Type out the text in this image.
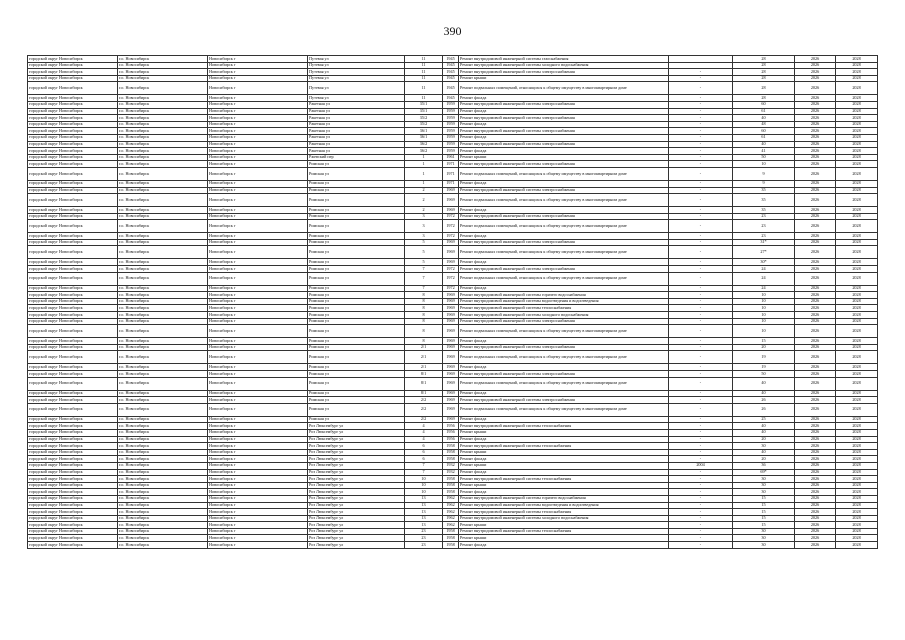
390
городской округ Новосибирск	г.о. Новосибирск	Новосибирск г	Путевая ул	11	1945	Ремонт внутридомовой инженерной системы газоснабжения		28	2026	2028
городской округ Новосибирск	г.о. Новосибирск	Новосибирск г	Путевая ул	11	1945	Ремонт внутридомовой инженерной системы холодного водоснабжения		28	2026	2028
городской округ Новосибирск	г.о. Новосибирск	Новосибирск г	Путевая ул	11	1945	Ремонт внутридомовой инженерной системы электроснабжения	-	28	2026	2028
городской округ Новосибирск	г.о. Новосибирск	Новосибирск г	Путевая ул	11	1945	Ремонт крыши	-	28	2026	2028
городской округ Новосибирск	г.о. Новосибирск	Новосибирск г	Путевая ул	11	1945	Ремонт подвальных помещений, относящихся к общему имуществу в многоквартирном доме	-	28	2026	2028
городской округ Новосибирск	г.о. Новосибирск	Новосибирск г	Путевая ул	11	1945	Ремонт фасада	-	28	2026	2028
городской округ Новосибирск	г.о. Новосибирск	Новосибирск г	Ракетная ул	35/1	1959	Ремонт внутридомовой инженерной системы электроснабжения	-	60	2026	2028
городской округ Новосибирск	г.о. Новосибирск	Новосибирск г	Ракетная ул	35/1	1959	Ремонт фасада	-	61	2026	2028
городской округ Новосибирск	г.о. Новосибирск	Новосибирск г	Ракетная ул	35/2	1959	Ремонт внутридомовой инженерной системы электроснабжения	-	40	2026	2028
городской округ Новосибирск	г.о. Новосибирск	Новосибирск г	Ракетная ул	35/2	1959	Ремонт фасада	-	48	2026	2028
городской округ Новосибирск	г.о. Новосибирск	Новосибирск г	Ракетная ул	36/1	1959	Ремонт внутридомовой инженерной системы электроснабжения	-	60	2026	2028
городской округ Новосибирск	г.о. Новосибирск	Новосибирск г	Ракетная ул	36/1	1959	Ремонт фасада	-	61	2026	2028
городской округ Новосибирск	г.о. Новосибирск	Новосибирск г	Ракетная ул	36/2	1959	Ремонт внутридомовой инженерной системы электроснабжения	-	40	2026	2028
городской округ Новосибирск	г.о. Новосибирск	Новосибирск г	Ракетная ул	36/2	1959	Ремонт фасада	-	41	2026	2028
городской округ Новосибирск	г.о. Новосибирск	Новосибирск г	Ржевский пер	1	1961	Ремонт крыши	-	50	2026	2028
городской округ Новосибирск	г.о. Новосибирск	Новосибирск г	Римская ул	1	1971	Ремонт внутридомовой инженерной системы электроснабжения	-	10	2026	2028
городской округ Новосибирск	г.о. Новосибирск	Новосибирск г	Римская ул	1	1971	Ремонт подвальных помещений, относящихся к общему имуществу в многоквартирном доме	-	9	2026	2028
городской округ Новосибирск	г.о. Новосибирск	Новосибирск г	Римская ул	1	1971	Ремонт фасада	-	9	2026	2028
городской округ Новосибирск	г.о. Новосибирск	Новосибирск г	Римская ул	2	1969	Ремонт внутридомовой инженерной системы электроснабжения	-	35	2026	2028
городской округ Новосибирск	г.о. Новосибирск	Новосибирск г	Римская ул	2	1969	Ремонт подвальных помещений, относящихся к общему имуществу в многоквартирном доме	-	35	2026	2028
городской округ Новосибирск	г.о. Новосибирск	Новосибирск г	Римская ул	2	1969	Ремонт фасада	-	35	2026	2028
городской округ Новосибирск	г.о. Новосибирск	Новосибирск г	Римская ул	3	1972	Ремонт внутридомовой инженерной системы электроснабжения	-	23	2026	2028
городской округ Новосибирск	г.о. Новосибирск	Новосибирск г	Римская ул	3	1972	Ремонт подвальных помещений, относящихся к общему имуществу в многоквартирном доме	-	23	2026	2028
городской округ Новосибирск	г.о. Новосибирск	Новосибирск г	Римская ул	3	1972	Ремонт фасада	-	23	2026	2028
городской округ Новосибирск	г.о. Новосибирск	Новосибирск г	Римская ул	5	1969	Ремонт внутридомовой инженерной системы электроснабжения	-	31*	2026	2028
городской округ Новосибирск	г.о. Новосибирск	Новосибирск г	Римская ул	5	1969	Ремонт подвальных помещений, относящихся к общему имуществу в многоквартирном доме	-	27*	2026	2028
городской округ Новосибирск	г.о. Новосибирск	Новосибирск г	Римская ул	5	1969	Ремонт фасада	-	30*	2026	2028
городской округ Новосибирск	г.о. Новосибирск	Новосибирск г	Римская ул	7	1972	Ремонт внутридомовой инженерной системы электроснабжения	-	24	2026	2028
городской округ Новосибирск	г.о. Новосибирск	Новосибирск г	Римская ул	7	1972	Ремонт подвальных помещений, относящихся к общему имуществу в многоквартирном доме	-	24	2026	2028
городской округ Новосибирск	г.о. Новосибирск	Новосибирск г	Римская ул	7	1972	Ремонт фасада	-	24	2026	2028
городской округ Новосибирск	г.о. Новосибирск	Новосибирск г	Римская ул	8	1969	Ремонт внутридомовой инженерной системы горячего водоснабжения	-	10	2026	2028
городской округ Новосибирск	г.о. Новосибирск	Новосибирск г	Римская ул	8	1969	Ремонт внутридомовой инженерной системы водоотведения и водоотведения	-	10	2026	2028
городской округ Новосибирск	г.о. Новосибирск	Новосибирск г	Римская ул	8	1969	Ремонт внутридомовой инженерной системы теплоснабжения	-	10	2026	2028
городской округ Новосибирск	г.о. Новосибирск	Новосибирск г	Римская ул	8	1969	Ремонт внутридомовой инженерной системы холодного водоснабжения	-	10	2026	2028
городской округ Новосибирск	г.о. Новосибирск	Новосибирск г	Римская ул	8	1969	Ремонт внутридомовой инженерной системы электроснабжения	-	10	2026	2028
городской округ Новосибирск	г.о. Новосибирск	Новосибирск г	Римская ул	8	1969	Ремонт подвальных помещений, относящихся к общему имуществу в многоквартирном доме	-	10	2026	2028
городской округ Новосибирск	г.о. Новосибирск	Новосибирск г	Римская ул	8	1969	Ремонт фасада	-	15	2026	2028
городской округ Новосибирск	г.о. Новосибирск	Новосибирск г	Римская ул	2/1	1969	Ремонт внутридомовой инженерной системы электроснабжения	-	20	2026	2028
городской округ Новосибирск	г.о. Новосибирск	Новосибирск г	Римская ул	2/1	1969	Ремонт подвальных помещений, относящихся к общему имуществу в многоквартирном доме	-	19	2026	2028
городской округ Новосибирск	г.о. Новосибирск	Новосибирск г	Римская ул	2/1	1969	Ремонт фасада	-	19	2026	2028
городской округ Новосибирск	г.о. Новосибирск	Новосибирск г	Римская ул	8/1	1969	Ремонт внутридомовой инженерной системы электроснабжения	-	50	2026	2028
городской округ Новосибирск	г.о. Новосибирск	Новосибирск г	Римская ул	8/1	1969	Ремонт подвальных помещений, относящихся к общему имуществу в многоквартирном доме	-	40	2026	2028
городской округ Новосибирск	г.о. Новосибирск	Новосибирск г	Римская ул	8/1	1969	Ремонт фасада	-	40	2026	2028
городской округ Новосибирск	г.о. Новосибирск	Новосибирск г	Римская ул	2/2	1969	Ремонт внутридомовой инженерной системы электроснабжения	-	26	2026	2028
городской округ Новосибирск	г.о. Новосибирск	Новосибирск г	Римская ул	2/2	1969	Ремонт подвальных помещений, относящихся к общему имуществу в многоквартирном доме	-	26	2026	2028
городской округ Новосибирск	г.о. Новосибирск	Новосибирск г	Римская ул	2/2	1969	Ремонт фасада	-	25	2026	2028
городской округ Новосибирск	г.о. Новосибирск	Новосибирск г	Роз Люксембург ул	4	1956	Ремонт внутридомовой инженерной системы теплоснабжения	-	40	2026	2028
городской округ Новосибирск	г.о. Новосибирск	Новосибирск г	Роз Люксембург ул	4	1956	Ремонт крыши	-	40	2026	2028
городской округ Новосибирск	г.о. Новосибирск	Новосибирск г	Роз Люксембург ул	4	1956	Ремонт фасада	-	20	2026	2028
городской округ Новосибирск	г.о. Новосибирск	Новосибирск г	Роз Люксембург ул	6	1958	Ремонт внутридомовой инженерной системы теплоснабжения	-	30	2026	2028
городской округ Новосибирск	г.о. Новосибирск	Новосибирск г	Роз Люксембург ул	6	1958	Ремонт крыши	-	40	2026	2028
городской округ Новосибирск	г.о. Новосибирск	Новосибирск г	Роз Люксембург ул	6	1958	Ремонт фасада	-	20	2026	2028
городской округ Новосибирск	г.о. Новосибирск	Новосибирск г	Роз Люксембург ул	7	1932	Ремонт крыши	2004	36	2026	2028
городской округ Новосибирск	г.о. Новосибирск	Новосибирск г	Роз Люксембург ул	7	1932	Ремонт фасада	-	69*	2026	2028
городской округ Новосибирск	г.о. Новосибирск	Новосибирск г	Роз Люксембург ул	10	1958	Ремонт внутридомовой инженерной системы теплоснабжения	-	30	2026	2028
городской округ Новосибирск	г.о. Новосибирск	Новосибирск г	Роз Люксембург ул	10	1958	Ремонт крыши	-	30	2026	2028
городской округ Новосибирск	г.о. Новосибирск	Новосибирск г	Роз Люксембург ул	10	1958	Ремонт фасада	-	30	2026	2028
городской округ Новосибирск	г.о. Новосибирск	Новосибирск г	Роз Люксембург ул	13	1962	Ремонт внутридомовой инженерной системы горячего водоснабжения	-	15	2026	2028
городской округ Новосибирск	г.о. Новосибирск	Новосибирск г	Роз Люксембург ул	13	1962	Ремонт внутридомовой инженерной системы водоотведения и водоотведения	-	15	2026	2028
городской округ Новосибирск	г.о. Новосибирск	Новосибирск г	Роз Люксембург ул	13	1962	Ремонт внутридомовой инженерной системы теплоснабжения	-	15	2026	2028
городской округ Новосибирск	г.о. Новосибирск	Новосибирск г	Роз Люксембург ул	13	1962	Ремонт внутридомовой инженерной системы холодного водоснабжения	-	15	2026	2028
городской округ Новосибирск	г.о. Новосибирск	Новосибирск г	Роз Люксембург ул	13	1962	Ремонт крыши	-	15	2026	2028
городской округ Новосибирск	г.о. Новосибирск	Новосибирск г	Роз Люксембург ул	23	1958	Ремонт внутридомовой инженерной системы теплоснабжения	-	30	2026	2028
городской округ Новосибирск	г.о. Новосибирск	Новосибирск г	Роз Люксембург ул	23	1958	Ремонт крыши	-	30	2026	2028
городской округ Новосибирск	г.о. Новосибирск	Новосибирск г	Роз Люксембург ул	23	1958	Ремонт фасада	-	30	2026	2028
